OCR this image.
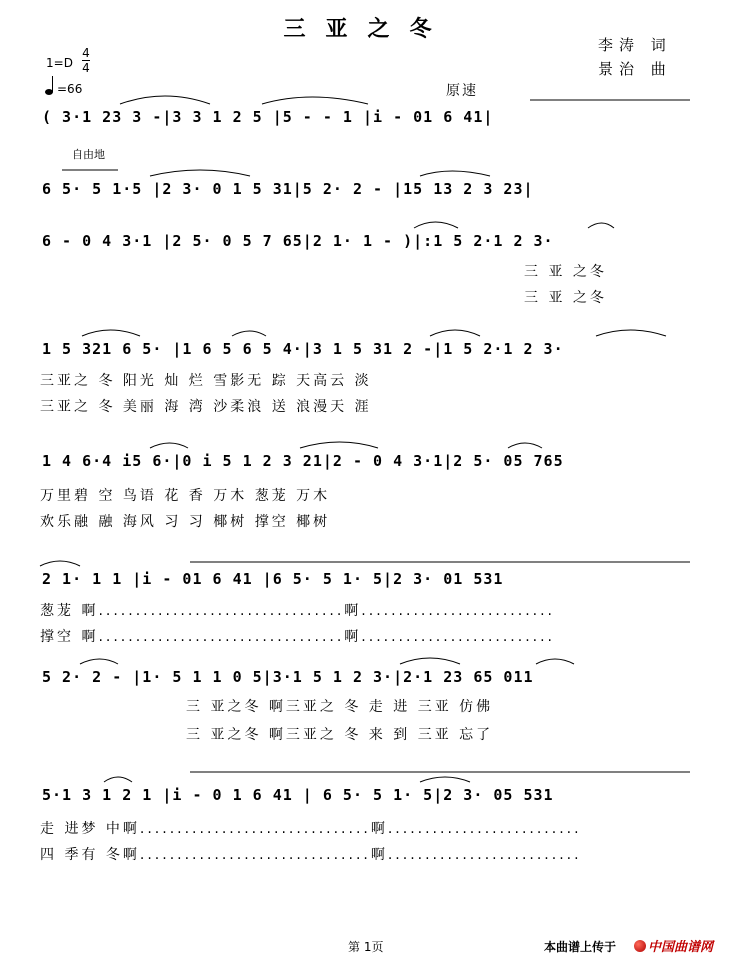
三亚之冬
李涛 词
景治 曲
1=D
4
4
=66	原速
自由地
( 3·1 23 3 -|3 3 1 2 5 |5 - - 1 |i - 01 6 41|
6 5· 5 1·5 |2 3· 0 1 5 31|5 2· 2 - |15 13 2 3 23|
6 - 0 4 3·1 |2 5· 0 5 7 65|2 1· 1 - )|:1 5 2·1 2 3·
三 亚 之冬
三 亚 之冬
1 5 321 6 5· |1 6 5 6 5 4·|3 1 5 31 2 -|1 5 2·1 2 3·
三亚之 冬 阳光 灿 烂 雪影无 踪 天高云 淡
三亚之 冬 美丽 海 湾 沙柔浪 送 浪漫天 涯
1 4 6·4 i5 6·|0 i 5 1 2 3 21|2 - 0 4 3·1|2 5· 05 765
万里碧 空 鸟语 花 香 万木 葱茏 万木
欢乐融 融 海风 习 习 椰树 撑空 椰树
2 1· 1 1 |i - 01 6 41 |6 5· 5 1· 5|2 3· 01 531
葱茏 啊.................................啊..........................
撑空 啊.................................啊..........................
5 2· 2 - |1· 5 1 1 0 5|3·1 5 1 2 3·|2·1 23 65 011
三 亚之冬 啊三亚之 冬 走 进 三亚 仿佛
三 亚之冬 啊三亚之 冬 来 到 三亚 忘了
5·1 3 1 2 1 |i - 0 1 6 41 | 6 5· 5 1· 5|2 3· 05 531
走 进梦 中啊...............................啊..........................
四 季有 冬啊...............................啊..........................
第 1页	本曲谱上传于	中国曲谱网
